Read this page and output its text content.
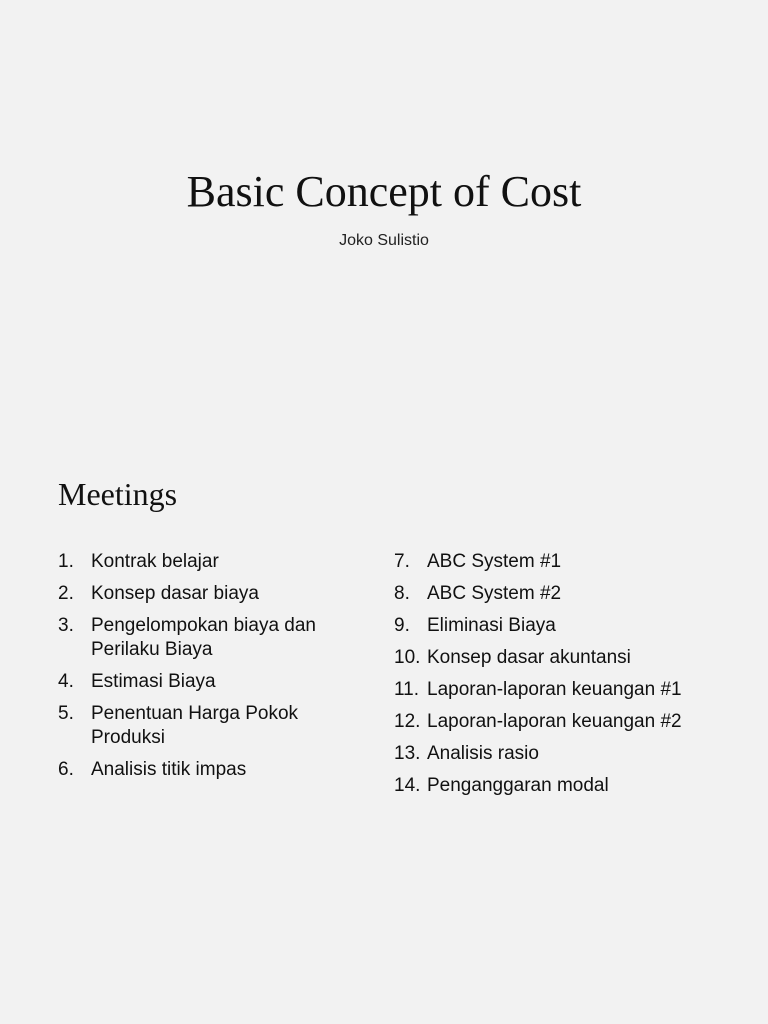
Basic Concept of Cost
Joko Sulistio
Meetings
1. Kontrak belajar
2. Konsep dasar biaya
3. Pengelompokan biaya dan Perilaku Biaya
4. Estimasi Biaya
5. Penentuan Harga Pokok Produksi
6. Analisis titik impas
7. ABC System #1
8. ABC System #2
9. Eliminasi Biaya
10. Konsep dasar akuntansi
11. Laporan-laporan keuangan #1
12. Laporan-laporan keuangan #2
13. Analisis rasio
14. Penganggaran modal
